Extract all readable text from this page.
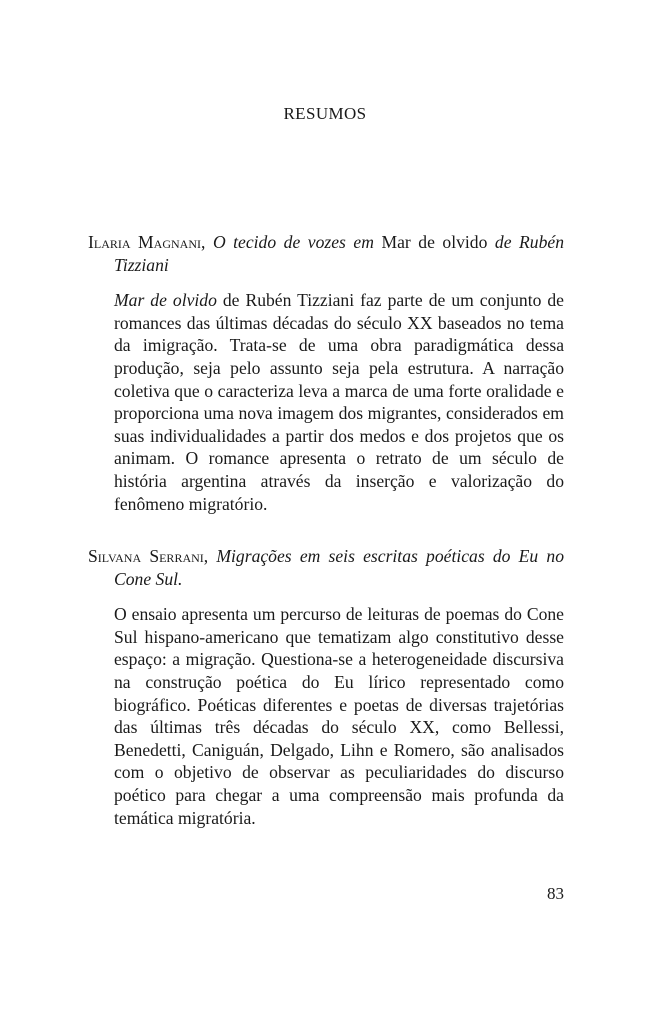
RESUMOS

Ilaria Magnani, O tecido de vozes em Mar de olvido de Rubén Tizziani

Mar de olvido de Rubén Tizziani faz parte de um conjunto de romances das últimas décadas do século XX baseados no tema da imigração. Trata-se de uma obra paradigmática dessa produção, seja pelo assunto seja pela estrutura. A narração coletiva que o caracteriza leva a marca de uma forte oralidade e proporciona uma nova imagem dos migrantes, considerados em suas individualidades a partir dos medos e dos projetos que os animam. O romance apresenta o retrato de um século de história argentina através da inserção e valorização do fenômeno migratório.

Silvana Serrani, Migrações em seis escritas poéticas do Eu no Cone Sul.

O ensaio apresenta um percurso de leituras de poemas do Cone Sul hispano-americano que tematizam algo constitutivo desse espaço: a migração. Questiona-se a heterogeneidade discursiva na construção poética do Eu lírico representado como biográfico. Poéticas diferentes e poetas de diversas trajetórias das últimas três décadas do século XX, como Bellessi, Benedetti, Caniguán, Delgado, Lihn e Romero, são analisados com o objetivo de observar as peculiaridades do discurso poético para chegar a uma compreensão mais profunda da temática migratória.

83
